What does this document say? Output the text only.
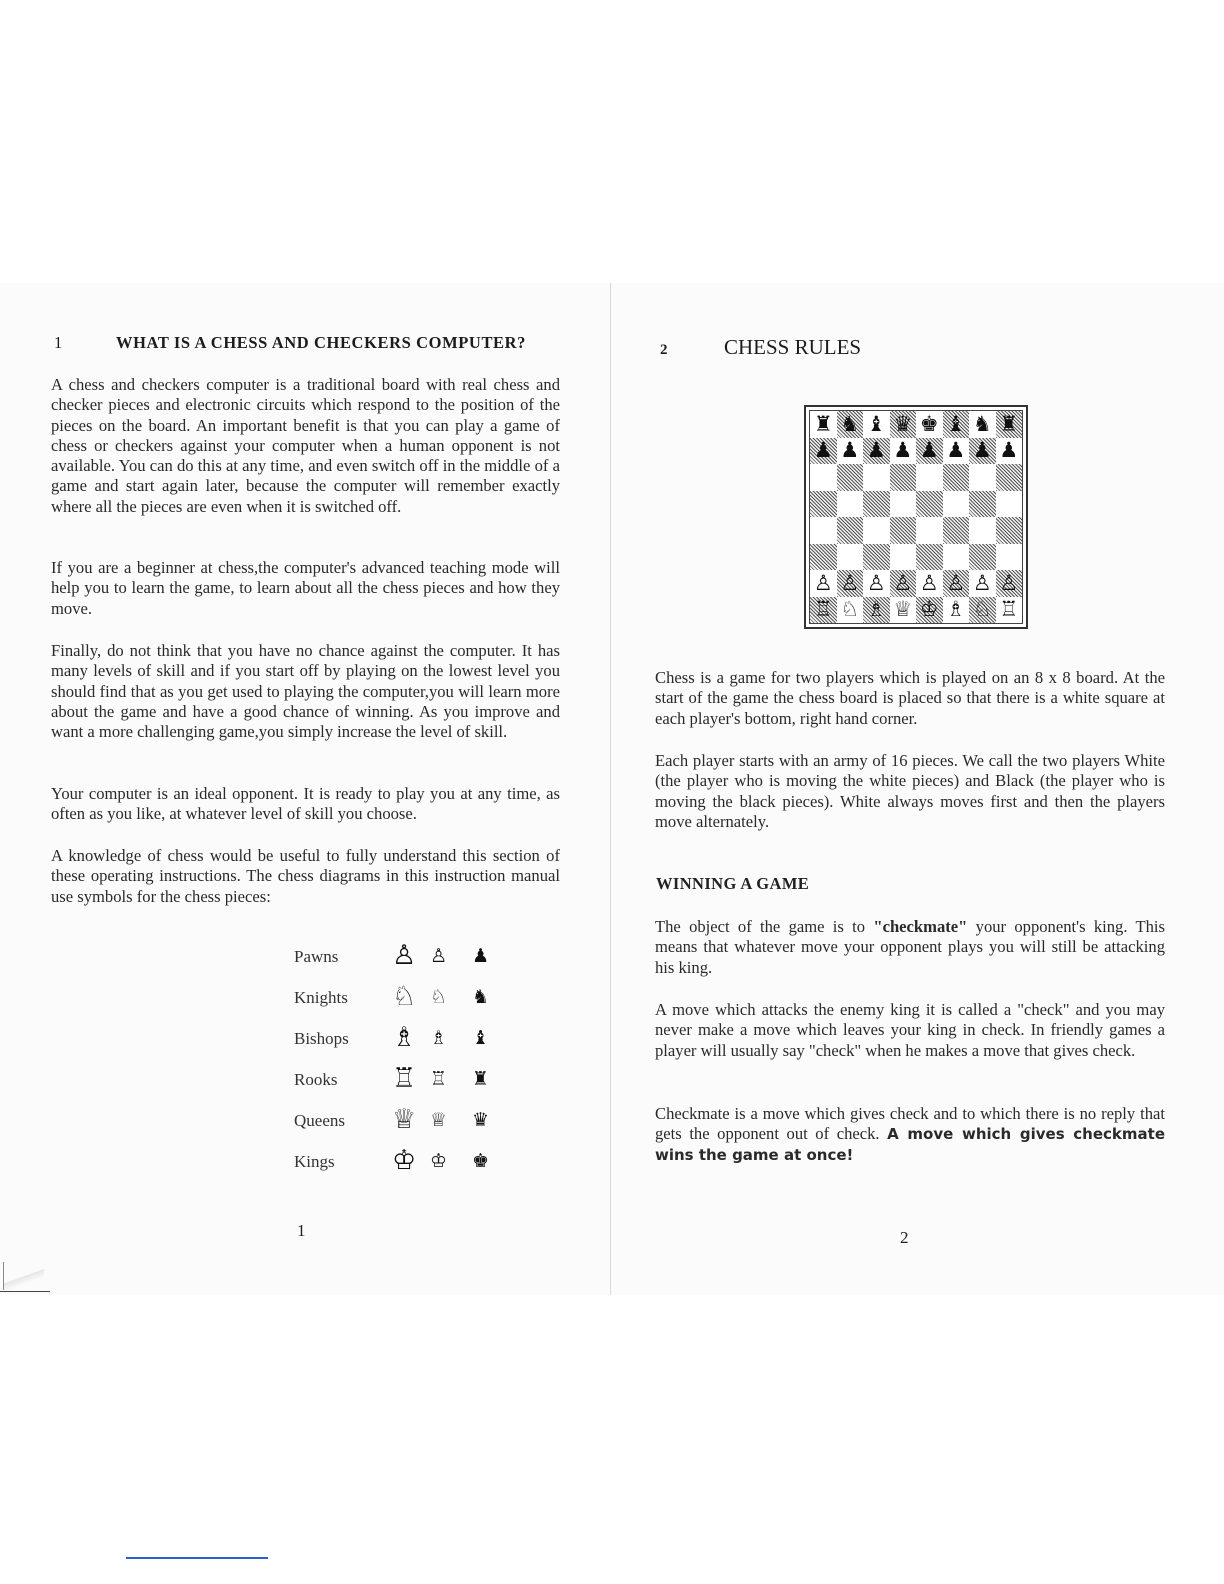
1	WHAT IS A CHESS AND CHECKERS COMPUTER?

A chess and checkers computer is a traditional board with real chess and checker pieces and electronic circuits which respond to the position of the pieces on the board. An important benefit is that you can play a game of chess or checkers against your computer when a human opponent is not available. You can do this at any time, and even switch off in the middle of a game and start again later, because the computer will remember exactly where all the pieces are even when it is switched off.

If you are a beginner at chess,the computer's advanced teaching mode will help you to learn the game, to learn about all the chess pieces and how they move.

Finally, do not think that you have no chance against the computer. It has many levels of skill and if you start off by playing on the lowest level you should find that as you get used to playing the computer,you will learn more about the game and have a good chance of winning. As you improve and want a more challenging game,you simply increase the level of skill.

Your computer is an ideal opponent. It is ready to play you at any time, as often as you like, at whatever level of skill you choose.

A knowledge of chess would be useful to fully understand this section of these operating instructions. The chess diagrams in this instruction manual use symbols for the chess pieces:

Pawns ♙ ♙ ♟
Knights ♘ ♘ ♞
Bishops ♗ ♗ ♝
Rooks ♖ ♖ ♜
Queens ♕ ♕ ♛
Kings ♔ ♔ ♚
1
2	CHESS RULES
♜ ♞ ♝ ♛ ♚ ♝ ♞ ♜
♟ ♟ ♟ ♟ ♟ ♟ ♟ ♟
♙ ♙ ♙ ♙ ♙ ♙ ♙ ♙
♖ ♘ ♗ ♕ ♔ ♗ ♘ ♖

Chess is a game for two players which is played on an 8 x 8 board. At the start of the game the chess board is placed so that there is a white square at each player's bottom, right hand corner.

Each player starts with an army of 16 pieces. We call the two players White (the player who is moving the white pieces) and Black (the player who is moving the black pieces). White always moves first and then the players move alternately.

WINNING A GAME

The object of the game is to "checkmate" your opponent's king. This means that whatever move your opponent plays you will still be attacking his king.

A move which attacks the enemy king it is called a "check" and you may never make a move which leaves your king in check. In friendly games a player will usually say "check" when he makes a move that gives check.

Checkmate is a move which gives check and to which there is no reply that gets the opponent out of check. A move which gives checkmate wins the game at once!

2
